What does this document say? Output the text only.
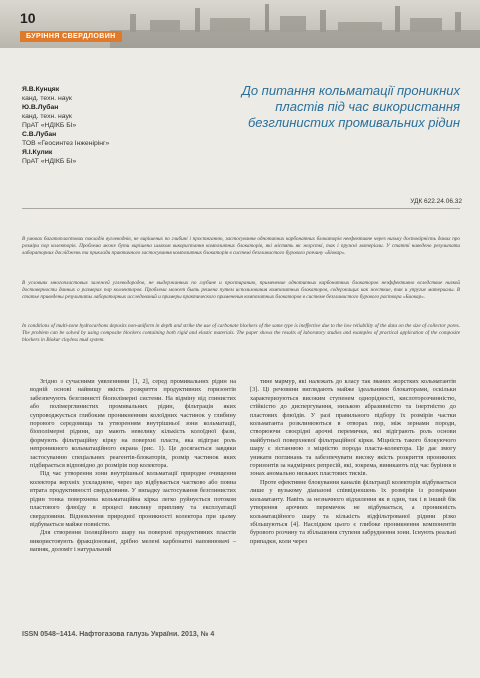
10
БУРІННЯ СВЕРДЛОВИН
Я.В.Кунцяк
канд. техн. наук
Ю.В.Лубан
канд. техн. наук
ПрАТ «НДІКБ БІ»
С.В.Лубан
ТОВ «Геосинтез Інженірінг»
Я.І.Кулик
ПрАТ «НДІКБ БІ»
До питання кольматації проникних пластів під час використання безглинистих промивальних рідин
УДК 622.24.06.32
В умовах багатопластових покладів вуглеводнів, не вирішених по глибині і простяганню, застосування однотипних карбонатних блокаторів неефективне через низьку достовірність даних про розміри пор колекторів. Проблема може бути вирішена шляхом використання композитних блокаторів, які містять як жорсткі, так і пружні матеріали. У статті наведено результати лабораторних досліджень та приклади практичного застосування композитних блокаторів в системі безглинистого бурового розчину «Біокар».
В условиях многопластовых залежей углеводородов, не выдержанных по глубине и простиранию, применение однотипных карбонатных блокаторов неэффективно вследствие низкой достоверности данных о размерах пор коллекторов. Проблема может быть решена путем использования композитных блокаторов, содержащих как жесткие, так и упругие материалы. В статье приведены результаты лабораторных исследований и примеры практического применения композитных блокаторов в системе безглинистого бурового раствора «Биокар».
In conditions of multi-zone hydrocarbons deposits non-uniform in depth and strike the use of carbonate blockers of the same type is ineffective due to the low reliability of the data on the size of collector pores. The problem can be solved by using composite blockers containing both rigid and elastic materials. The paper shows the results of laboratory studies and examples of practical application of the composite blockers in Biokar clayless mud system.

Згідно з сучасними уявленнями [1, 2], серед промивальних рідин на водній основі найвищу якість розкриття продуктивних горизонтів забезпечують безглинисті біополімерні системи. На відміну від глинистих або полімерглинистих промивальних рідин, фільтрація яких супроводжується глибоким проникненням колоїдних частинок у глибину порового середовища та утворенням внутрішньої зони кольматації, біополімерні рідини, що мають невелику кількість колоїдної фази, формують фільтраційну кірку на поверхні пласта, яка відіграє роль непроникного кольматаційного екрана (рис. 1). Це досягається завдяки застосуванню спеціальних реагентів-блокаторів, розмір частинок яких підбирається відповідно до розмірів пор колектора.

Під час утворення зони внутрішньої кольматації природне очищення колектора верхніх ускладнене, через що відбувається частково або повна втрата продуктивності свердловини. У випадку застосування безглинистих рідин тонка поверхнева кольматаційна кірка легко руйнується потоком пластового флюїду в процесі виклику припливу та експлуатації свердловини. Відновлення природної проникності колектора при цьому відбувається майже повністю.

Для створення ізоляційного шару на поверхні продуктивних пластів використовують фракціоновані, дрібно мелені карбонатні наповнювачі – вапняк, доломіт і натуральний

тине мармур, які належать до класу так званих жорстких кольматантів [3]. Ці речовини виглядають майже ідеальними блокаторами, оскільки характеризуються високим ступенем однорідності, кислоторозчинністю, стійкістю до диспергування, низькою абразивністю та інертністю до пластових флюїдів. У разі правильного підбору їх розмірів частки кольматанта розклинюються в отворах пор, між зернами породи, створюючи своєрідні арочні перемички, які відіграють роль основи майбутньої поверхневої фільтраційної кірки. Міцність такого блокуючого шару є зістаннюю з міцністю порода пласта-колектора. Це дає змогу уникати поглинань та забезпечувати високу якість розкриття проникних горизонтів за надмірних репресій, які, зокрема, виникають під час буріння в зонах аномально низьких пластових тисків.

Проте ефективне блокування каналів фільтрації колекторів відбувається лише у вузькому діапазоні співвідношень їх розмірів із розмірами кольматанту. Навіть за незначного відхилення як в один, так і в інший бік утворення арочних перемичок не відбувається, а проникність кольматаційного шару та кількість відфільтрованої рідини різко збільшуються [4]. Наслідком цього є глибоке проникнення компонентів бурового розчину та збільшення ступеня забруднення зони. Існують реальні припадки, коли через

ISSN 0548–1414. Нафтогазова галузь України. 2013, № 4
